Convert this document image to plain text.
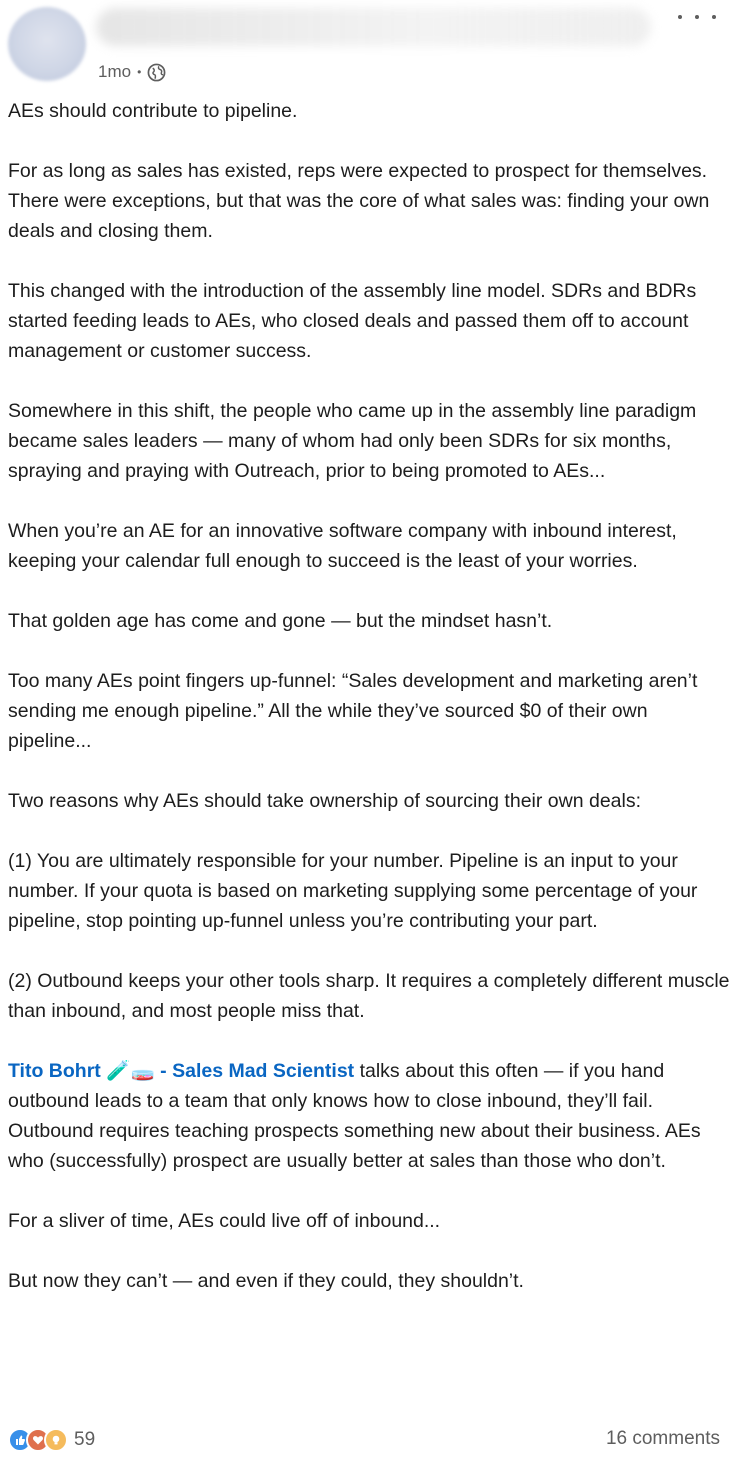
1mo •

AEs should contribute to pipeline.

For as long as sales has existed, reps were expected to prospect for themselves. There were exceptions, but that was the core of what sales was: finding your own deals and closing them.

This changed with the introduction of the assembly line model. SDRs and BDRs started feeding leads to AEs, who closed deals and passed them off to account management or customer success.

Somewhere in this shift, the people who came up in the assembly line paradigm became sales leaders — many of whom had only been SDRs for six months, spraying and praying with Outreach, prior to being promoted to AEs...

When you’re an AE for an innovative software company with inbound interest, keeping your calendar full enough to succeed is the least of your worries.

That golden age has come and gone — but the mindset hasn’t.

Too many AEs point fingers up-funnel: “Sales development and marketing aren’t sending me enough pipeline.” All the while they’ve sourced $0 of their own pipeline...

Two reasons why AEs should take ownership of sourcing their own deals:

(1) You are ultimately responsible for your number. Pipeline is an input to your number. If your quota is based on marketing supplying some percentage of your pipeline, stop pointing up-funnel unless you’re contributing your part.

(2) Outbound keeps your other tools sharp. It requires a completely different muscle than inbound, and most people miss that.

Tito Bohrt 🧪🧫 - Sales Mad Scientist talks about this often — if you hand outbound leads to a team that only knows how to close inbound, they’ll fail. Outbound requires teaching prospects something new about their business. AEs who (successfully) prospect are usually better at sales than those who don’t.

For a sliver of time, AEs could live off of inbound...

But now they can’t — and even if they could, they shouldn’t.

59	16 comments
